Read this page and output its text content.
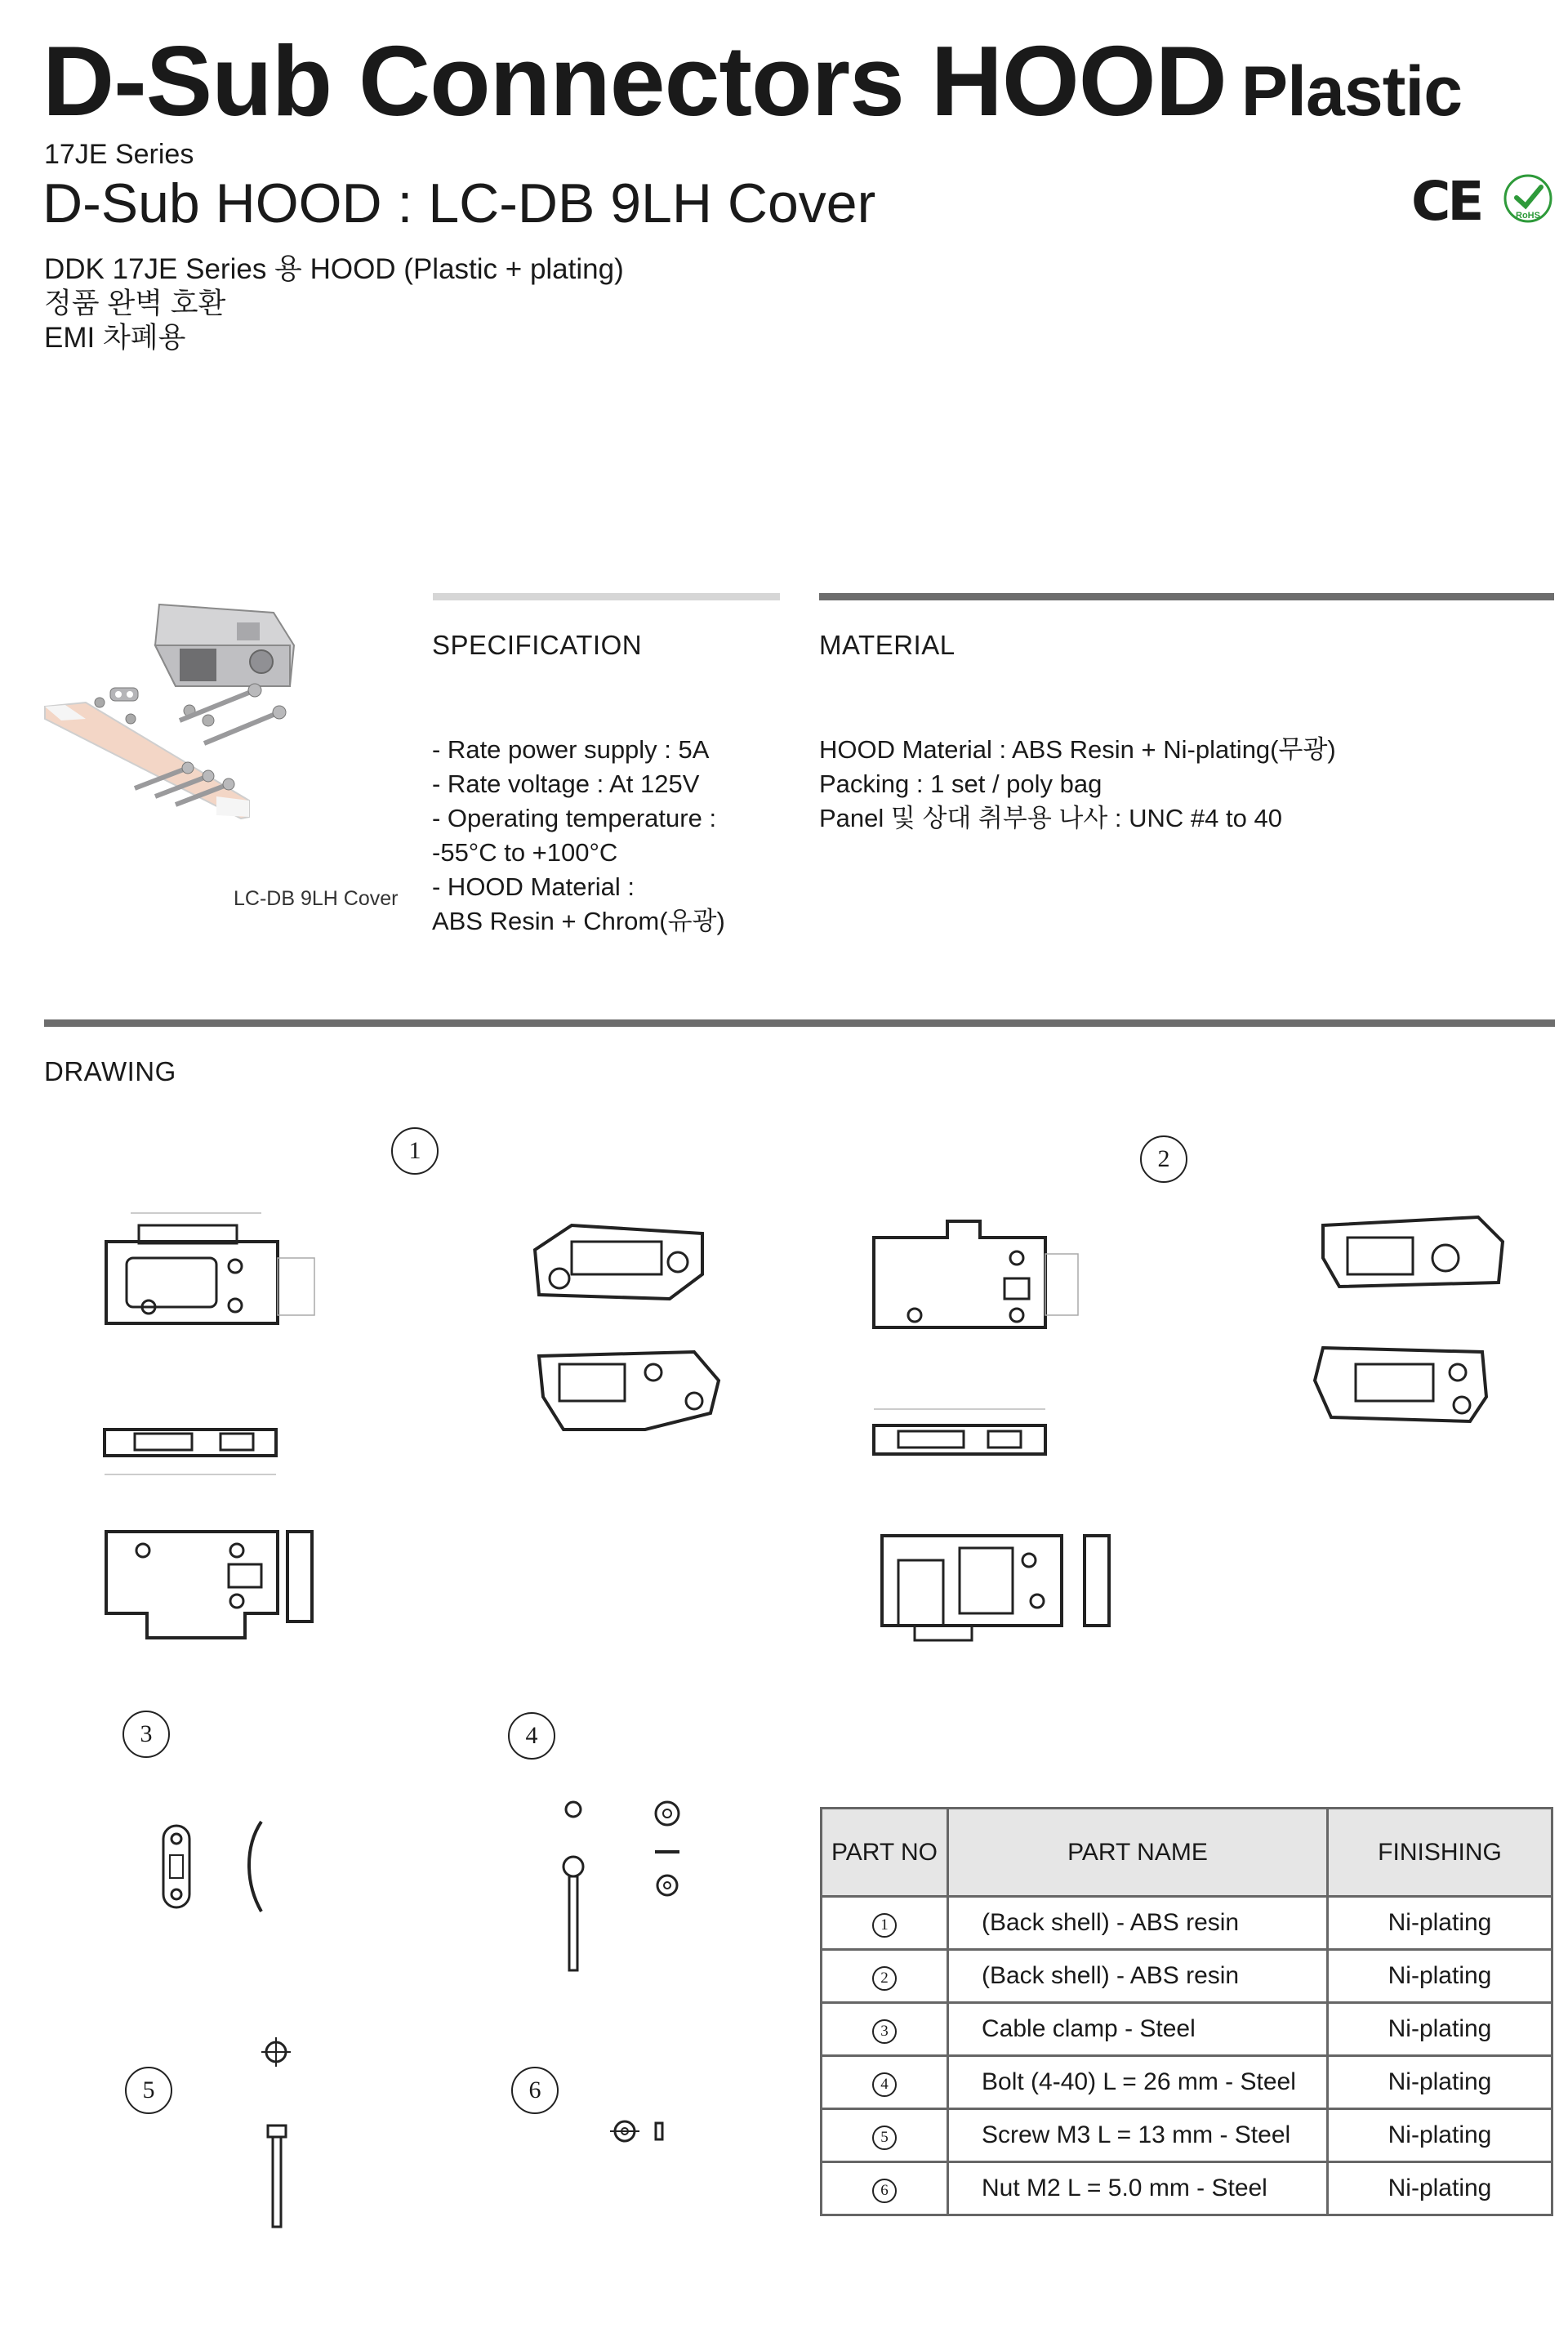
D-Sub Connectors HOOD Plastic
17JE Series
D-Sub HOOD : LC-DB 9LH Cover
DDK 17JE Series 용 HOOD (Plastic + plating)
정품 완벽 호환
EMI 차폐용
CE	RoHS
LC-DB 9LH Cover
SPECIFICATION	MATERIAL
- Rate power supply : 5A
- Rate voltage : At 125V
- Operating temperature :
-55°C to +100°C
- HOOD Material :
ABS Resin + Chrom(유광)
HOOD Material : ABS Resin + Ni-plating(무광)
Packing : 1 set / poly bag
Panel 및 상대 취부용 나사 : UNC #4 to 40
DRAWING
1	2
3	4
5	6
PART NO	PART NAME	FINISHING
1	(Back shell) - ABS resin	Ni-plating
2	(Back shell) - ABS resin	Ni-plating
3	Cable clamp - Steel	Ni-plating
4	Bolt (4-40) L = 26 mm - Steel	Ni-plating
5	Screw M3 L = 13 mm - Steel	Ni-plating
6	Nut M2 L = 5.0 mm - Steel	Ni-plating
